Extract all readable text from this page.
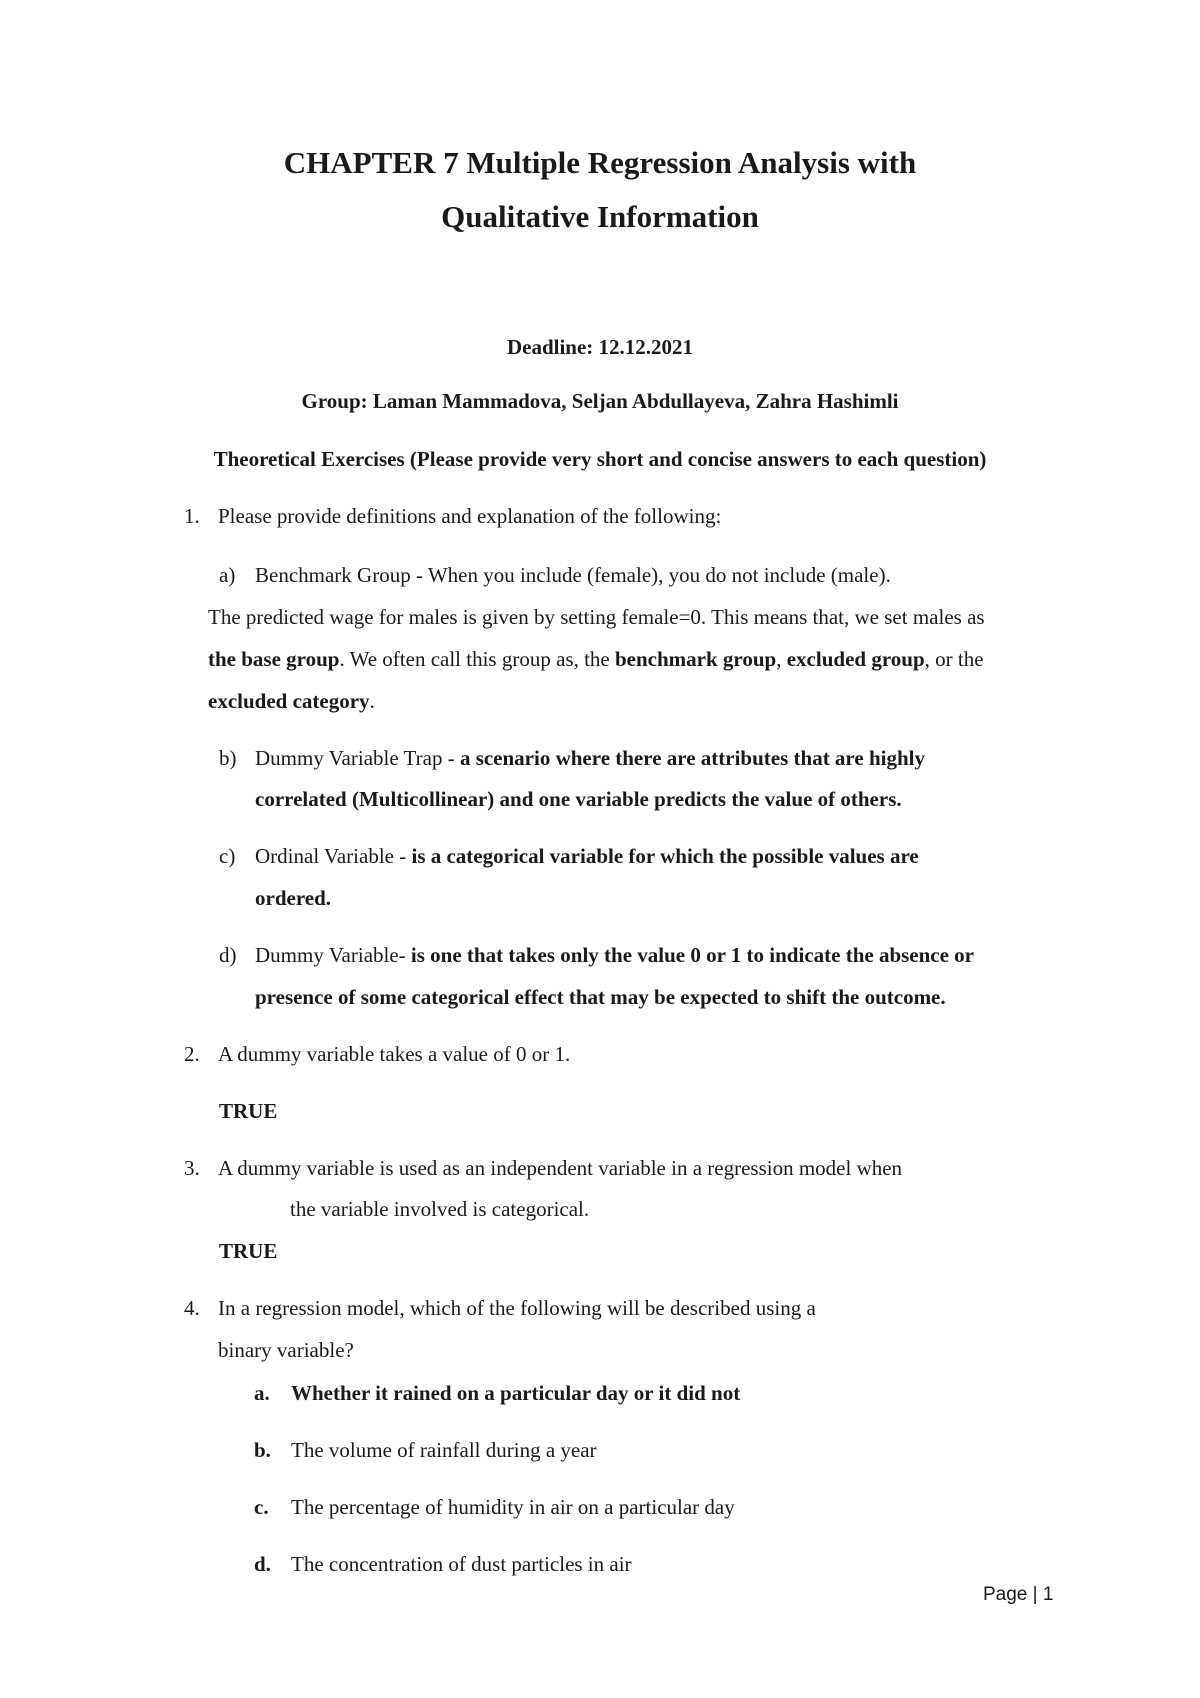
CHAPTER 7 Multiple Regression Analysis with
Qualitative Information
Deadline: 12.12.2021
Group: Laman Mammadova, Seljan Abdullayeva, Zahra Hashimli
Theoretical Exercises (Please provide very short and concise answers to each question)
1. Please provide definitions and explanation of the following:
a) Benchmark Group - When you include (female), you do not include (male).
The predicted wage for males is given by setting female=0. This means that, we set males as
the base group. We often call this group as, the benchmark group, excluded group, or the
excluded category.
b) Dummy Variable Trap - a scenario where there are attributes that are highly
correlated (Multicollinear) and one variable predicts the value of others.
c) Ordinal Variable - is a categorical variable for which the possible values are
ordered.
d) Dummy Variable- is one that takes only the value 0 or 1 to indicate the absence or
presence of some categorical effect that may be expected to shift the outcome.
2. A dummy variable takes a value of 0 or 1.
TRUE
3. A dummy variable is used as an independent variable in a regression model when
the variable involved is categorical.
TRUE
4. In a regression model, which of the following will be described using a
binary variable?
a. Whether it rained on a particular day or it did not
b. The volume of rainfall during a year
c. The percentage of humidity in air on a particular day
d. The concentration of dust particles in air
Page | 1
